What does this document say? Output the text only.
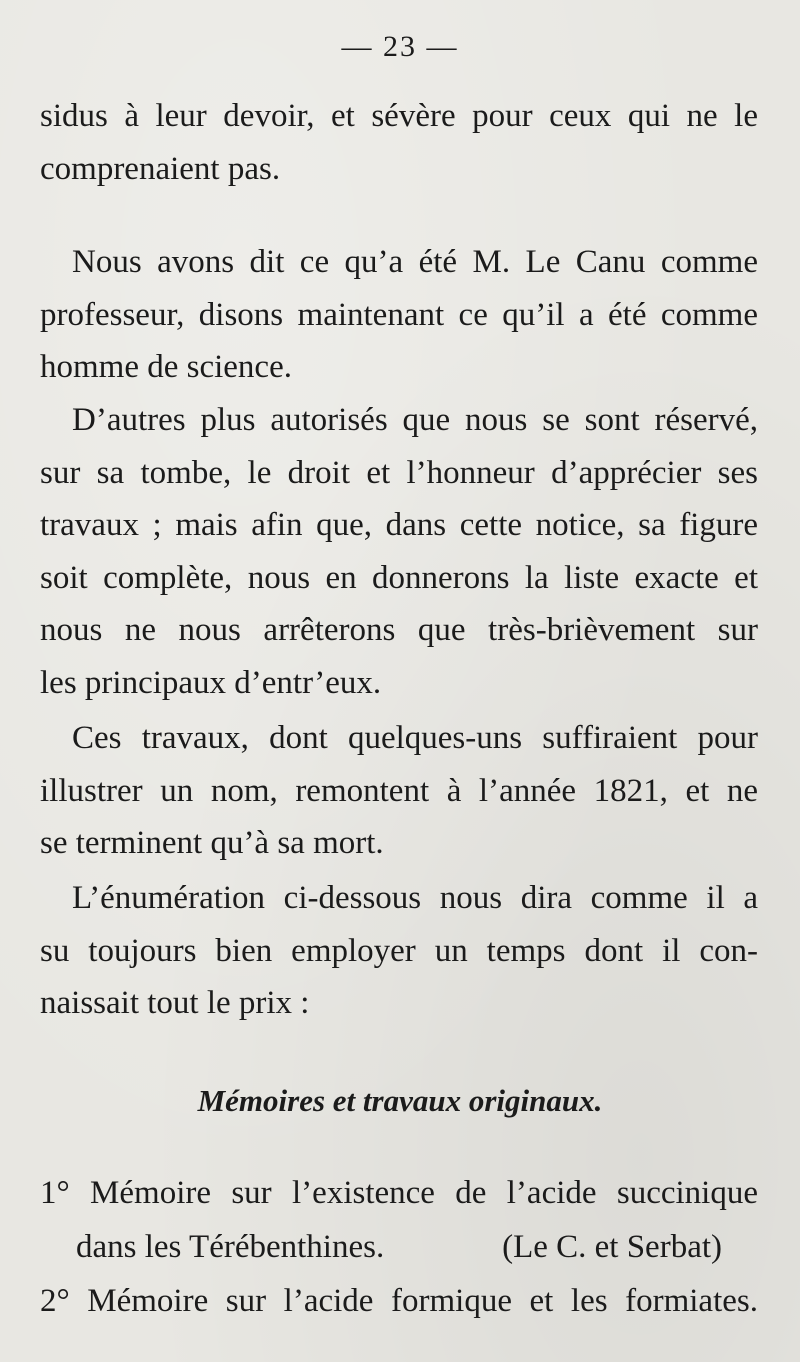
— 23 —
sidus à leur devoir, et sévère pour ceux qui ne le
comprenaient pas.
Nous avons dit ce qu’a été M. Le Canu comme
professeur, disons maintenant ce qu’il a été comme
homme de science.
D’autres plus autorisés que nous se sont réservé,
sur sa tombe, le droit et l’honneur d’apprécier ses
travaux ; mais afin que, dans cette notice, sa figure
soit complète, nous en donnerons la liste exacte et
nous ne nous arrêterons que très-brièvement sur
les principaux d’entr’eux.
Ces travaux, dont quelques-uns suffiraient pour
illustrer un nom, remontent à l’année 1821, et ne
se terminent qu’à sa mort.
L’énumération ci-dessous nous dira comme il a
su toujours bien employer un temps dont il con-
naissait tout le prix :
Mémoires et travaux originaux.
1° Mémoire sur l’existence de l’acide succinique
dans les Térébenthines.	(Le C. et Serbat)
2° Mémoire sur l’acide formique et les formiates.
